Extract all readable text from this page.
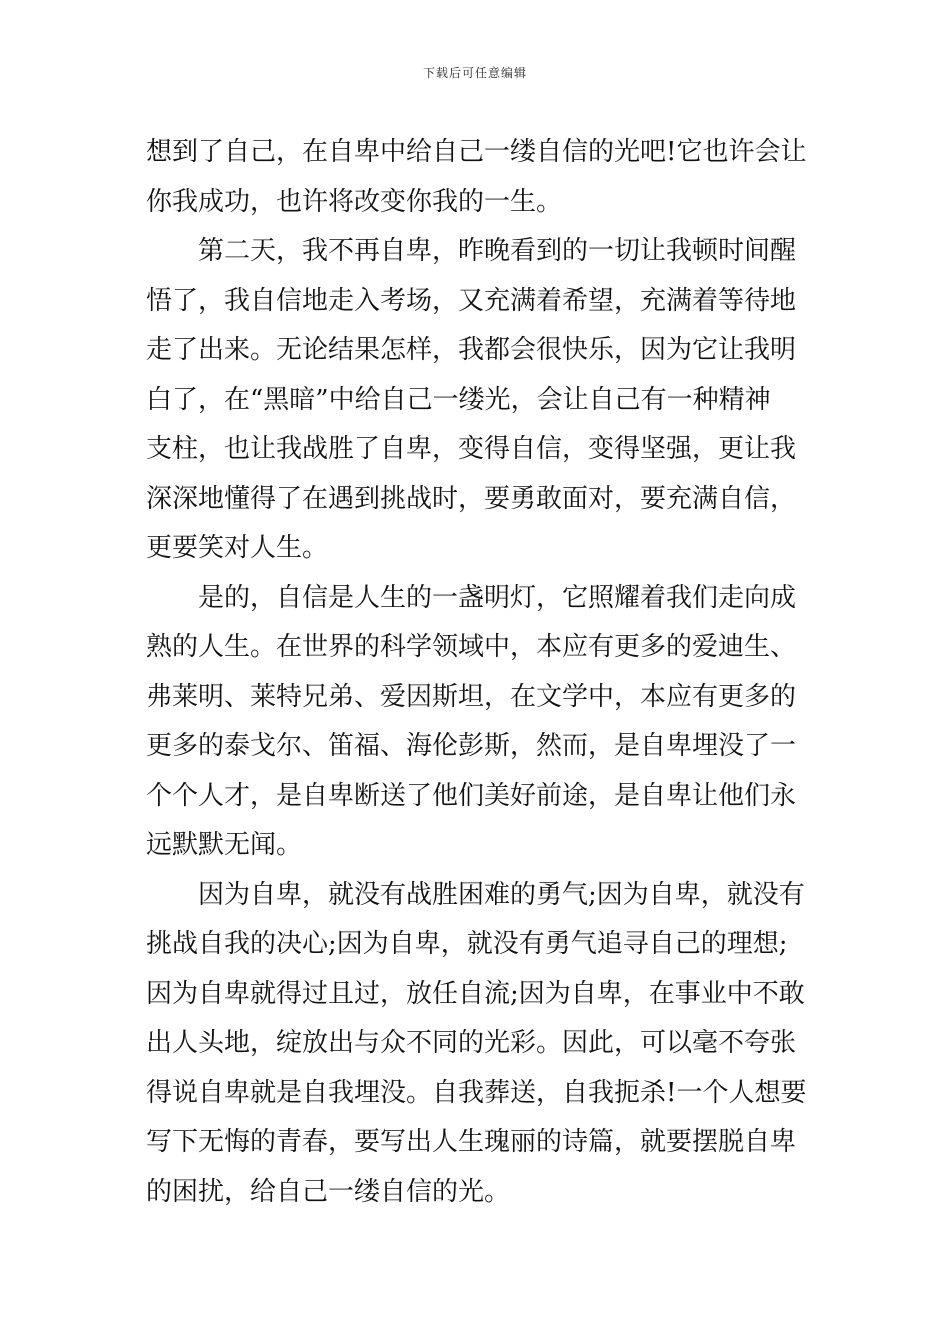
下载后可任意编辑
想到了自己，在自卑中给自己一缕自信的光吧!它也许会让
你我成功，也许将改变你我的一生。
第二天，我不再自卑，昨晚看到的一切让我顿时间醒
悟了，我自信地走入考场，又充满着希望，充满着等待地
走了出来。无论结果怎样，我都会很快乐，因为它让我明
白了，在“黑暗”中给自己一缕光，会让自己有一种精神
支柱，也让我战胜了自卑，变得自信，变得坚强，更让我
深深地懂得了在遇到挑战时，要勇敢面对，要充满自信，
更要笑对人生。
是的，自信是人生的一盏明灯，它照耀着我们走向成
熟的人生。在世界的科学领域中，本应有更多的爱迪生、
弗莱明、莱特兄弟、爱因斯坦，在文学中，本应有更多的
更多的泰戈尔、笛福、海伦彭斯，然而，是自卑埋没了一
个个人才，是自卑断送了他们美好前途，是自卑让他们永
远默默无闻。
因为自卑，就没有战胜困难的勇气;因为自卑，就没有
挑战自我的决心;因为自卑，就没有勇气追寻自己的理想;
因为自卑就得过且过，放任自流;因为自卑，在事业中不敢
出人头地，绽放出与众不同的光彩。因此，可以毫不夸张
得说自卑就是自我埋没。自我葬送，自我扼杀!一个人想要
写下无悔的青春，要写出人生瑰丽的诗篇，就要摆脱自卑
的困扰，给自己一缕自信的光。
